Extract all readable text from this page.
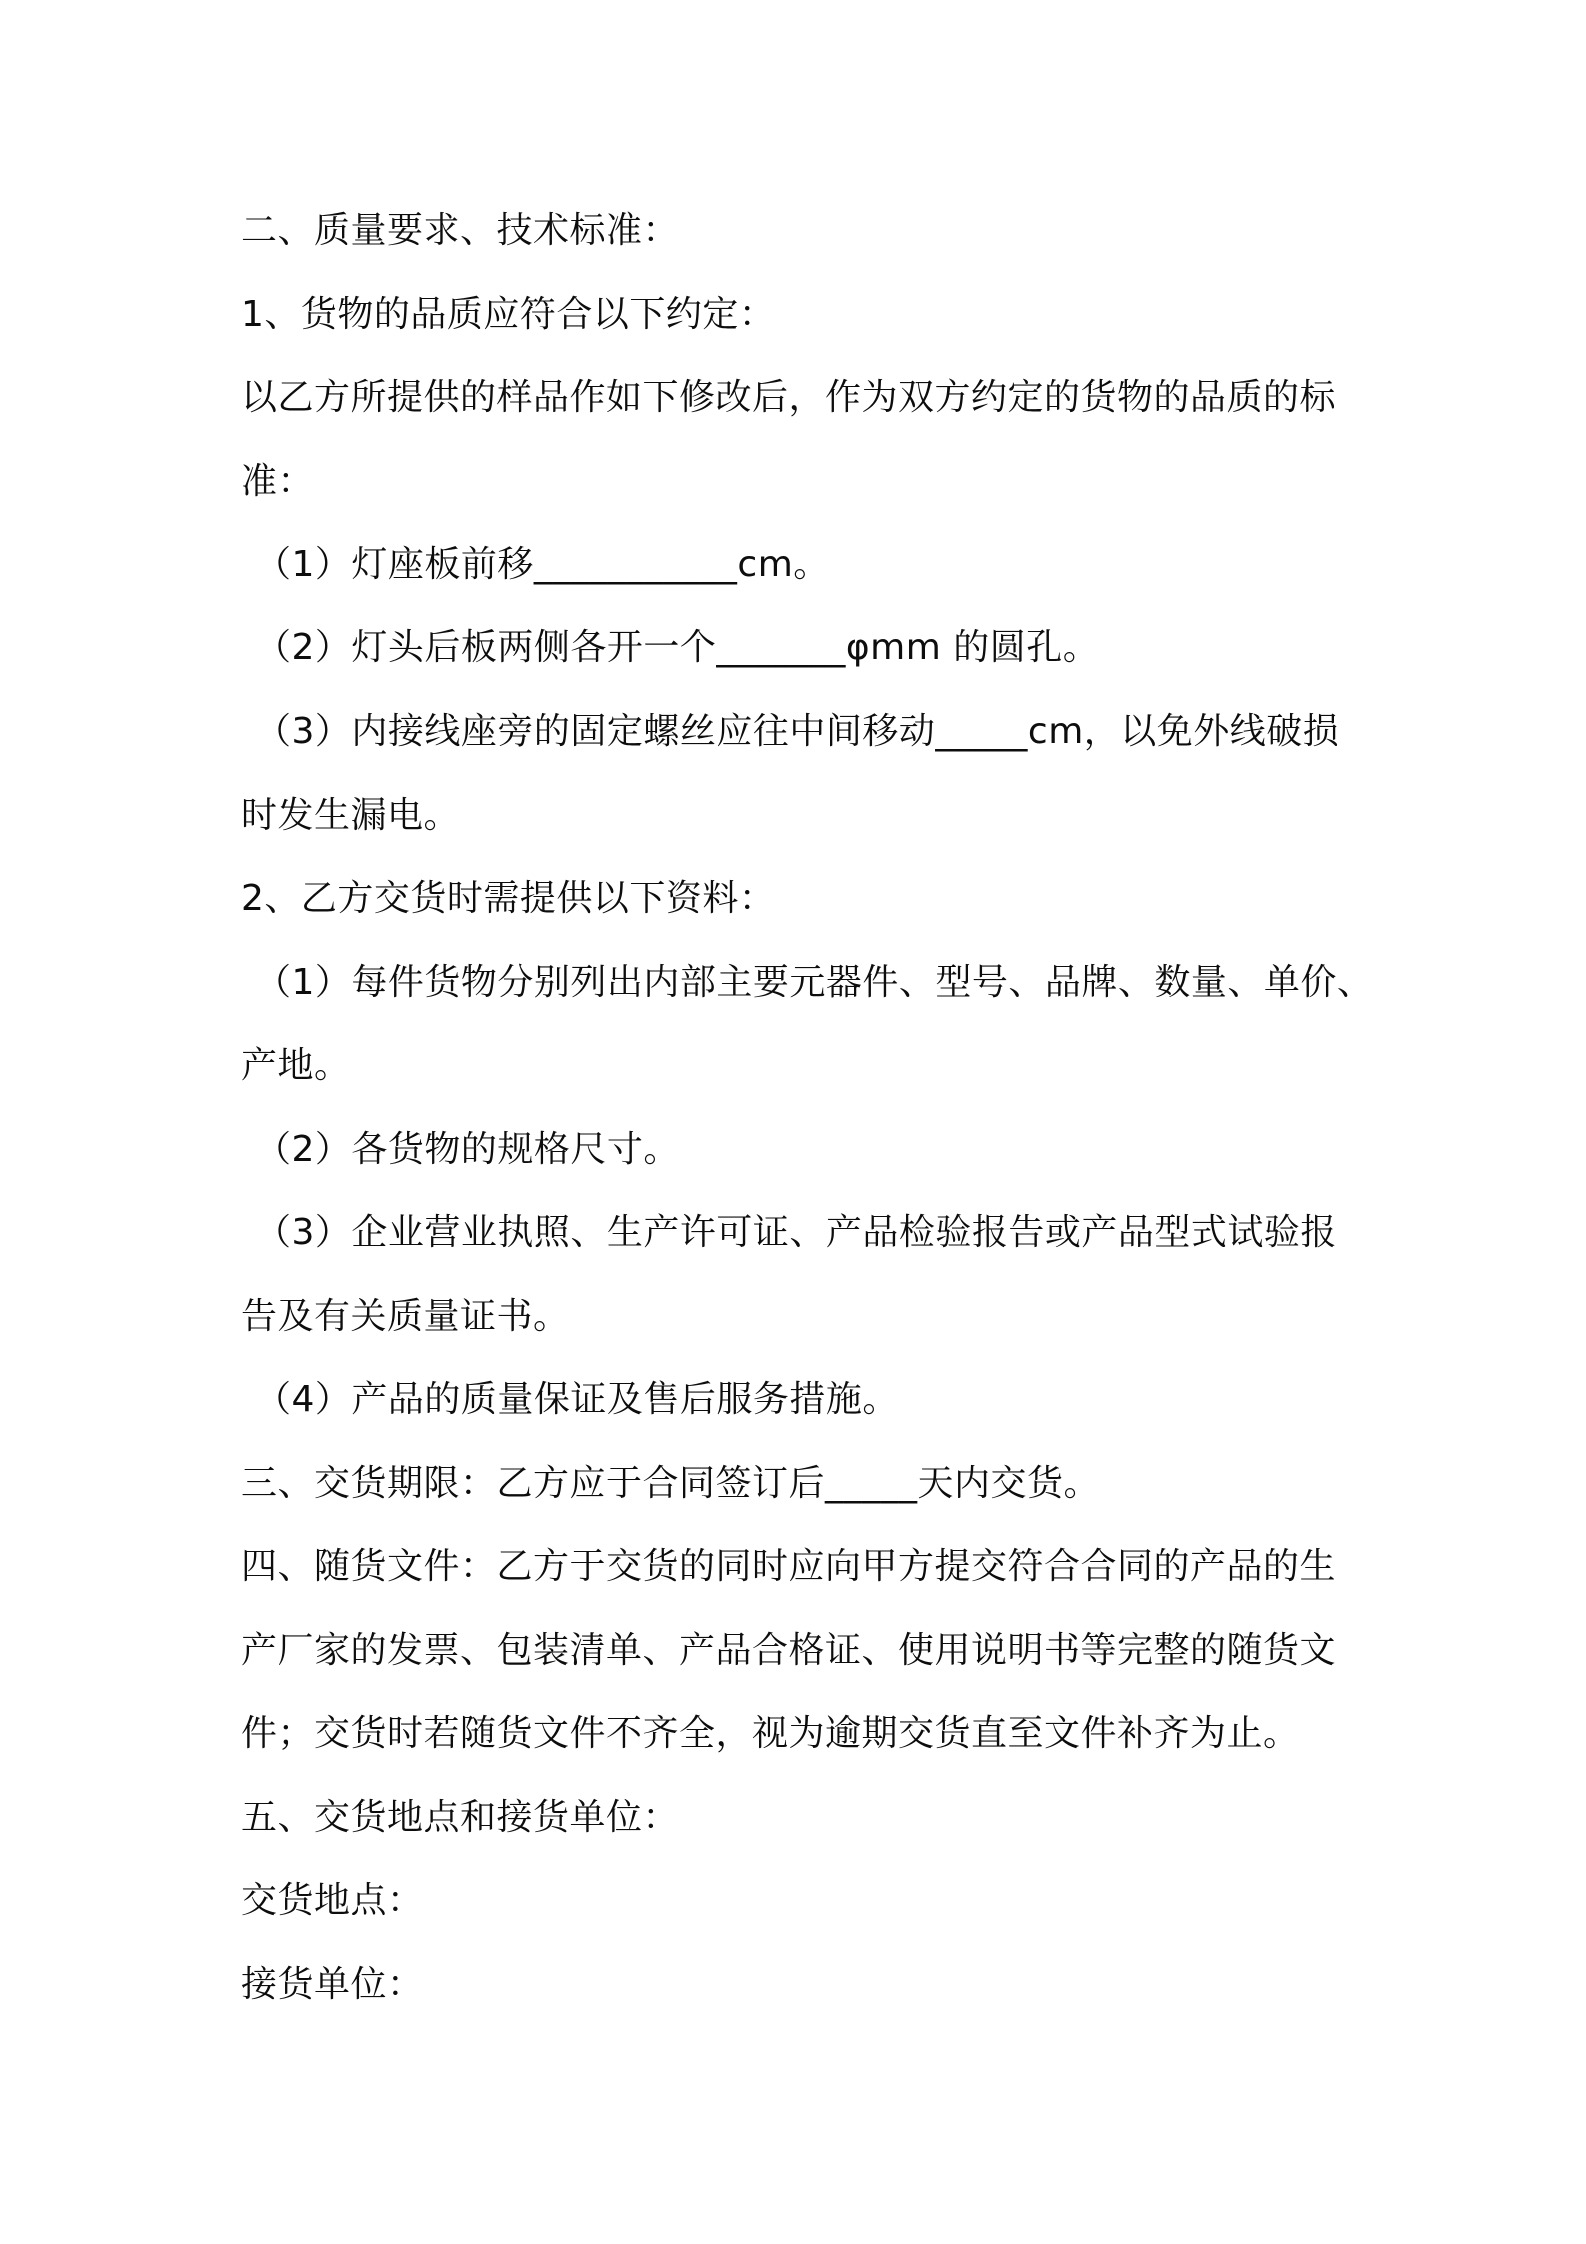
二、质量要求、技术标准：
1、货物的品质应符合以下约定：
以乙方所提供的样品作如下修改后，作为双方约定的货物的品质的标
准：
（1）灯座板前移___________cm。
（2）灯头后板两侧各开一个_______φmm 的圆孔。
（3）内接线座旁的固定螺丝应往中间移动_____cm，以免外线破损
时发生漏电。
2、乙方交货时需提供以下资料：
（1）每件货物分别列出内部主要元器件、型号、品牌、数量、单价、
产地。
（2）各货物的规格尺寸。
（3）企业营业执照、生产许可证、产品检验报告或产品型式试验报
告及有关质量证书。
（4）产品的质量保证及售后服务措施。
三、交货期限：乙方应于合同签订后_____天内交货。
四、随货文件：乙方于交货的同时应向甲方提交符合合同的产品的生
产厂家的发票、包装清单、产品合格证、使用说明书等完整的随货文
件；交货时若随货文件不齐全，视为逾期交货直至文件补齐为止。
五、交货地点和接货单位：
交货地点：
接货单位：
